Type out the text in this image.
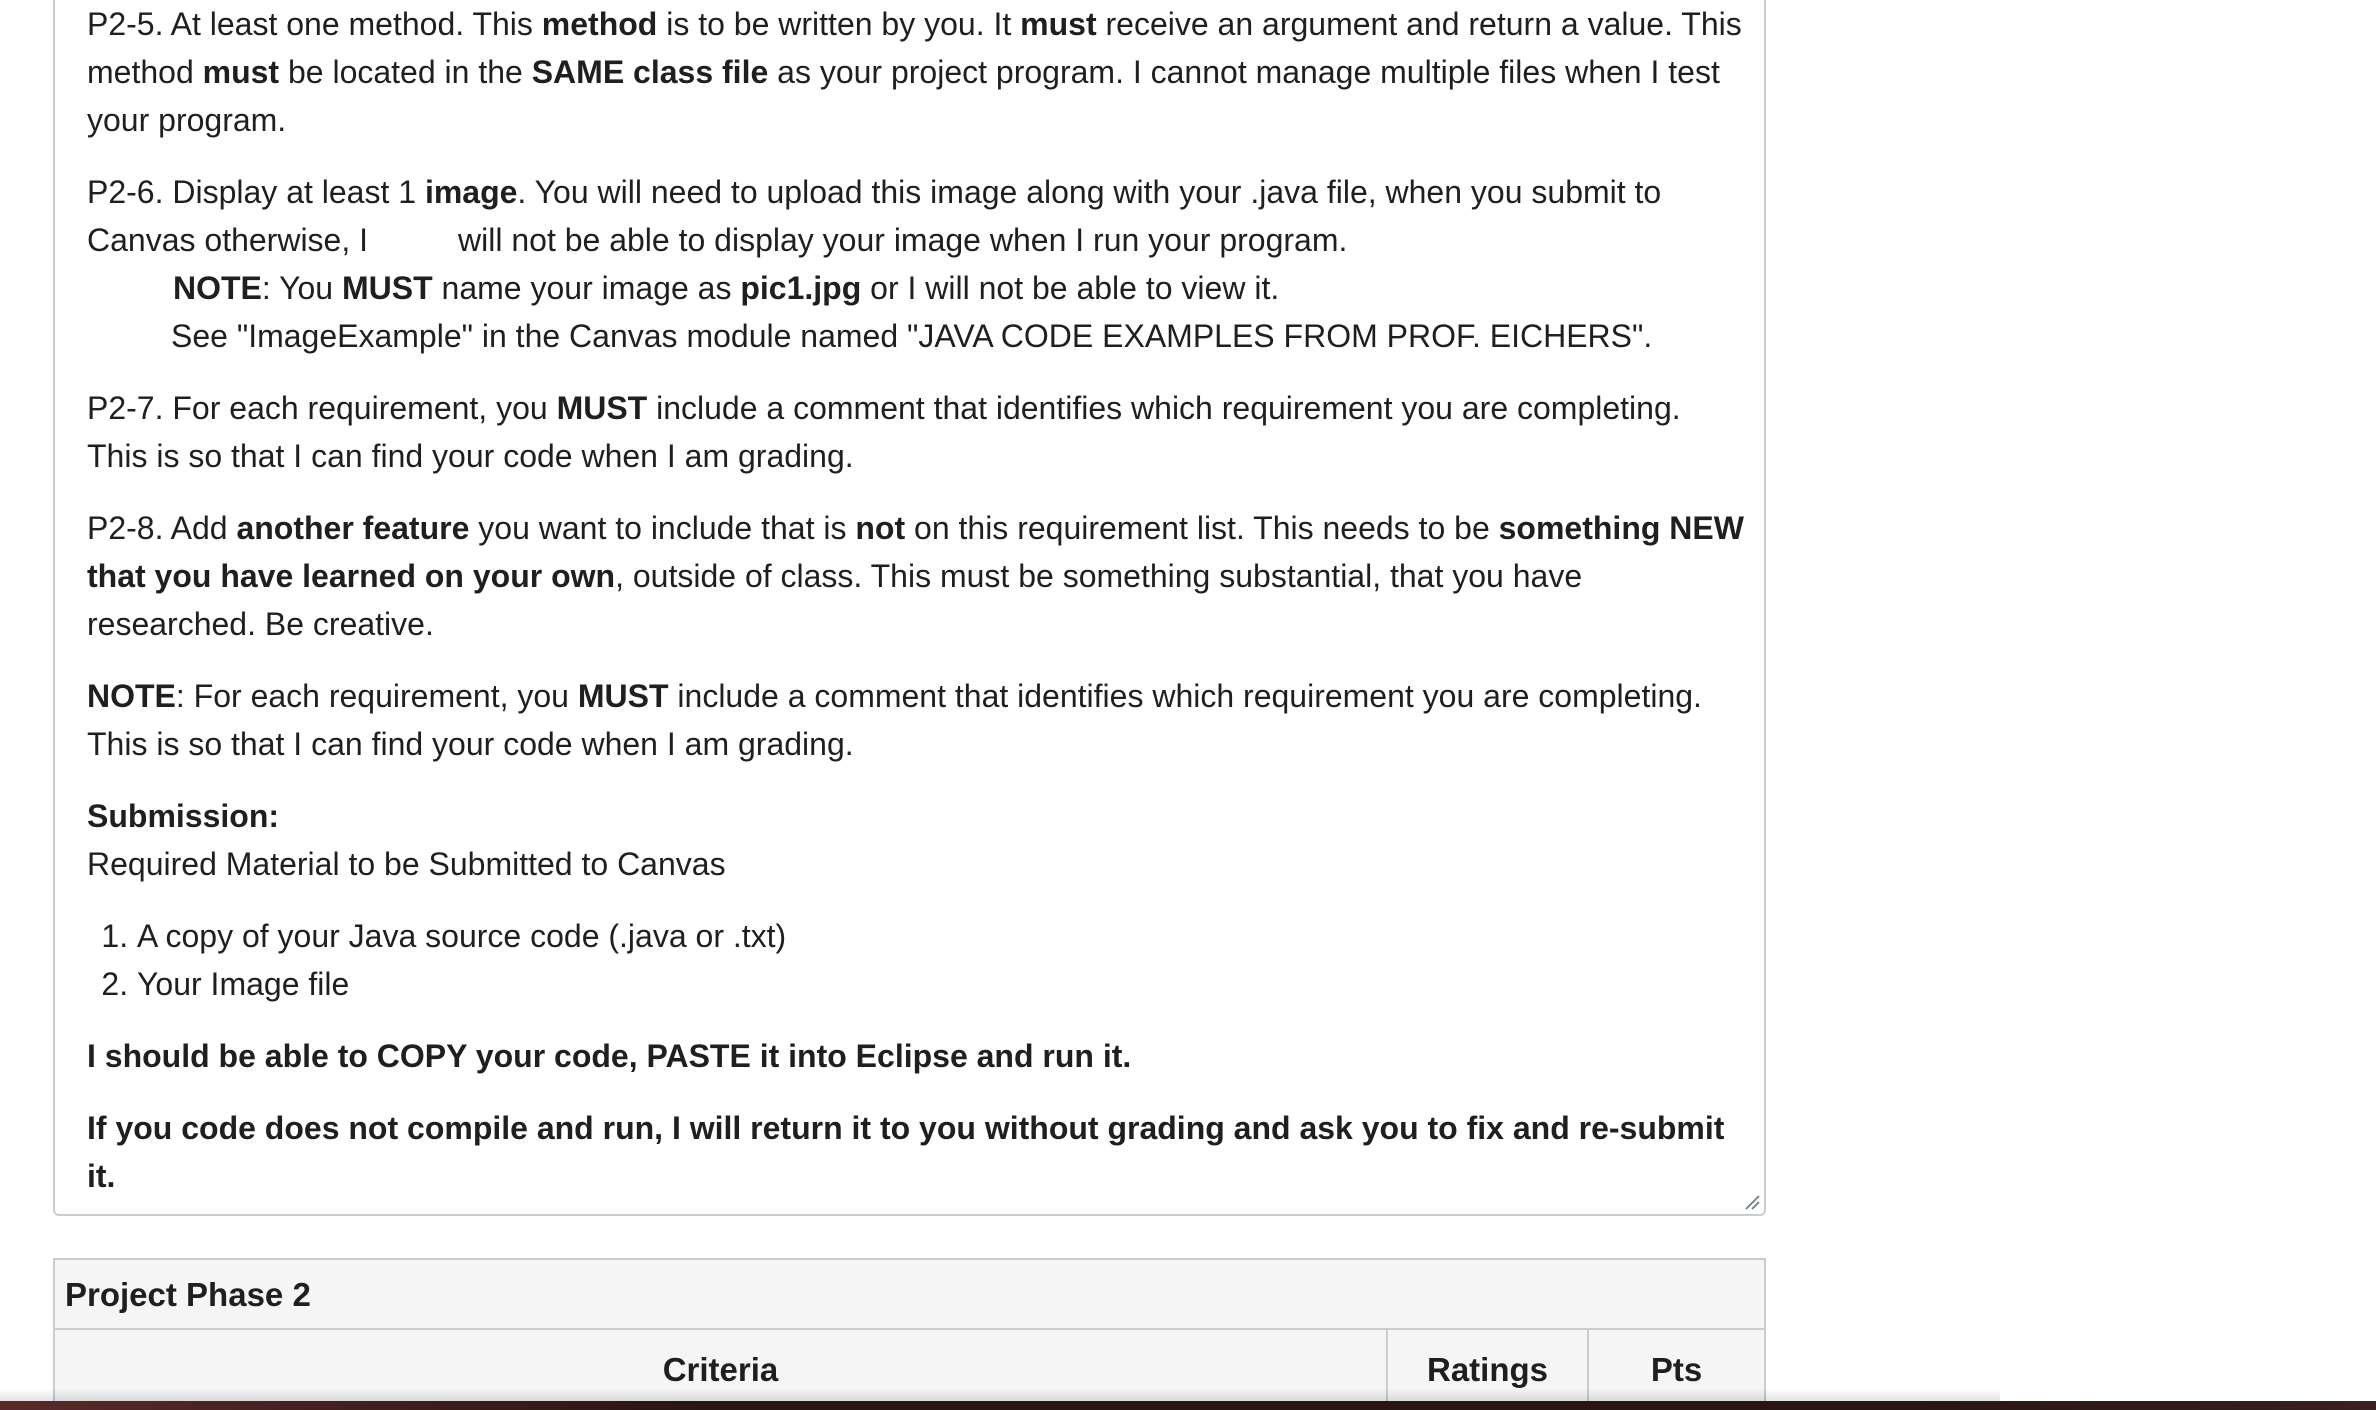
P2-5. At least one method. This method is to be written by you. It must receive an argument and return a value. This method must be located in the SAME class file as your project program. I cannot manage multiple files when I test your program.

P2-6. Display at least 1 image. You will need to upload this image along with your .java file, when you submit to Canvas otherwise, I	will not be able to display your image when I run your program.
NOTE: You MUST name your image as pic1.jpg or I will not be able to view it.
See "ImageExample" in the Canvas module named "JAVA CODE EXAMPLES FROM PROF. EICHERS".

P2-7. For each requirement, you MUST include a comment that identifies which requirement you are completing. This is so that I can find your code when I am grading.

P2-8. Add another feature you want to include that is not on this requirement list. This needs to be something NEW that you have learned on your own, outside of class. This must be something substantial, that you have researched. Be creative.

NOTE: For each requirement, you MUST include a comment that identifies which requirement you are completing. This is so that I can find your code when I am grading.

Submission:
Required Material to be Submitted to Canvas

1. A copy of your Java source code (.java or .txt)
2. Your Image file

I should be able to COPY your code, PASTE it into Eclipse and run it.

If you code does not compile and run, I will return it to you without grading and ask you to fix and re-submit it.

Project Phase 2
Criteria	Ratings	Pts
